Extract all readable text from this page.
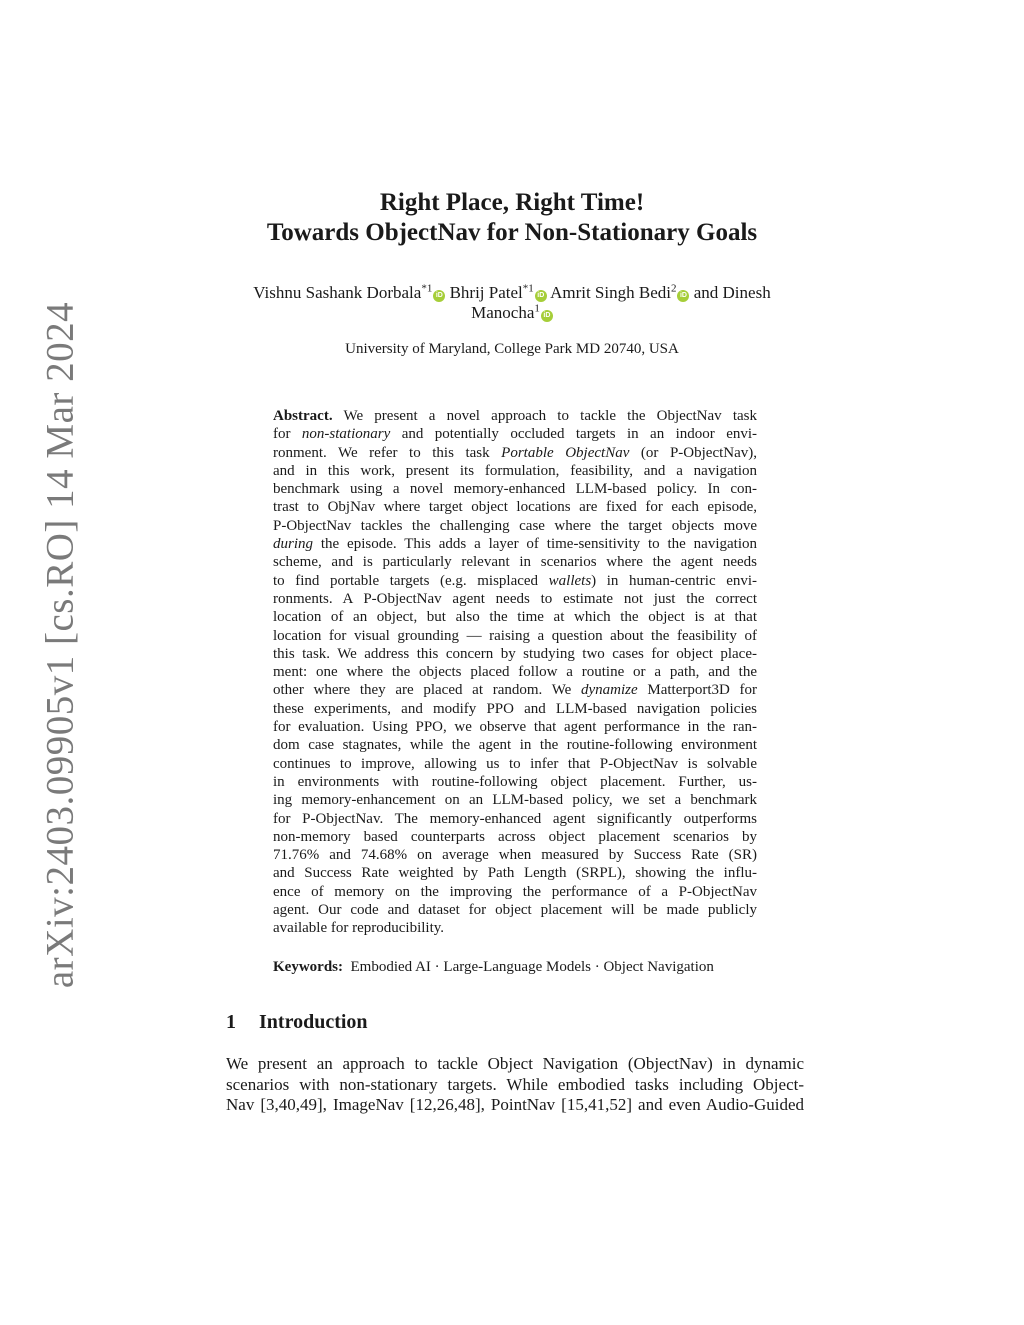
arXiv:2403.09905v1 [cs.RO] 14 Mar 2024
Right Place, Right Time!
Towards ObjectNav for Non-Stationary Goals
Vishnu Sashank Dorbala$^{*1}$iD Bhrij Patel$^{*1}$iD Amrit Singh Bedi$^2$iD and Dinesh
Manocha$^1$iD
University of Maryland, College Park MD 20740, USA
Abstract. We present a novel approach to tackle the ObjectNav task
for non-stationary and potentially occluded targets in an indoor envi-
ronment. We refer to this task Portable ObjectNav (or P-ObjectNav),
and in this work, present its formulation, feasibility, and a navigation
benchmark using a novel memory-enhanced LLM-based policy. In con-
trast to ObjNav where target object locations are fixed for each episode,
P-ObjectNav tackles the challenging case where the target objects move
during the episode. This adds a layer of time-sensitivity to the navigation
scheme, and is particularly relevant in scenarios where the agent needs
to find portable targets (e.g. misplaced wallets) in human-centric envi-
ronments. A P-ObjectNav agent needs to estimate not just the correct
location of an object, but also the time at which the object is at that
location for visual grounding — raising a question about the feasibility of
this task. We address this concern by studying two cases for object place-
ment: one where the objects placed follow a routine or a path, and the
other where they are placed at random. We dynamize Matterport3D for
these experiments, and modify PPO and LLM-based navigation policies
for evaluation. Using PPO, we observe that agent performance in the ran-
dom case stagnates, while the agent in the routine-following environment
continues to improve, allowing us to infer that P-ObjectNav is solvable
in environments with routine-following object placement. Further, us-
ing memory-enhancement on an LLM-based policy, we set a benchmark
for P-ObjectNav. The memory-enhanced agent significantly outperforms
non-memory based counterparts across object placement scenarios by
71.76% and 74.68% on average when measured by Success Rate (SR)
and Success Rate weighted by Path Length (SRPL), showing the influ-
ence of memory on the improving the performance of a P-ObjectNav
agent. Our code and dataset for object placement will be made publicly
available for reproducibility.
Keywords: Embodied AI · Large-Language Models · Object Navigation
1 Introduction
We present an approach to tackle Object Navigation (ObjectNav) in dynamic
scenarios with non-stationary targets. While embodied tasks including Object-
Nav [3,40,49], ImageNav [12,26,48], PointNav [15,41,52] and even Audio-Guided
